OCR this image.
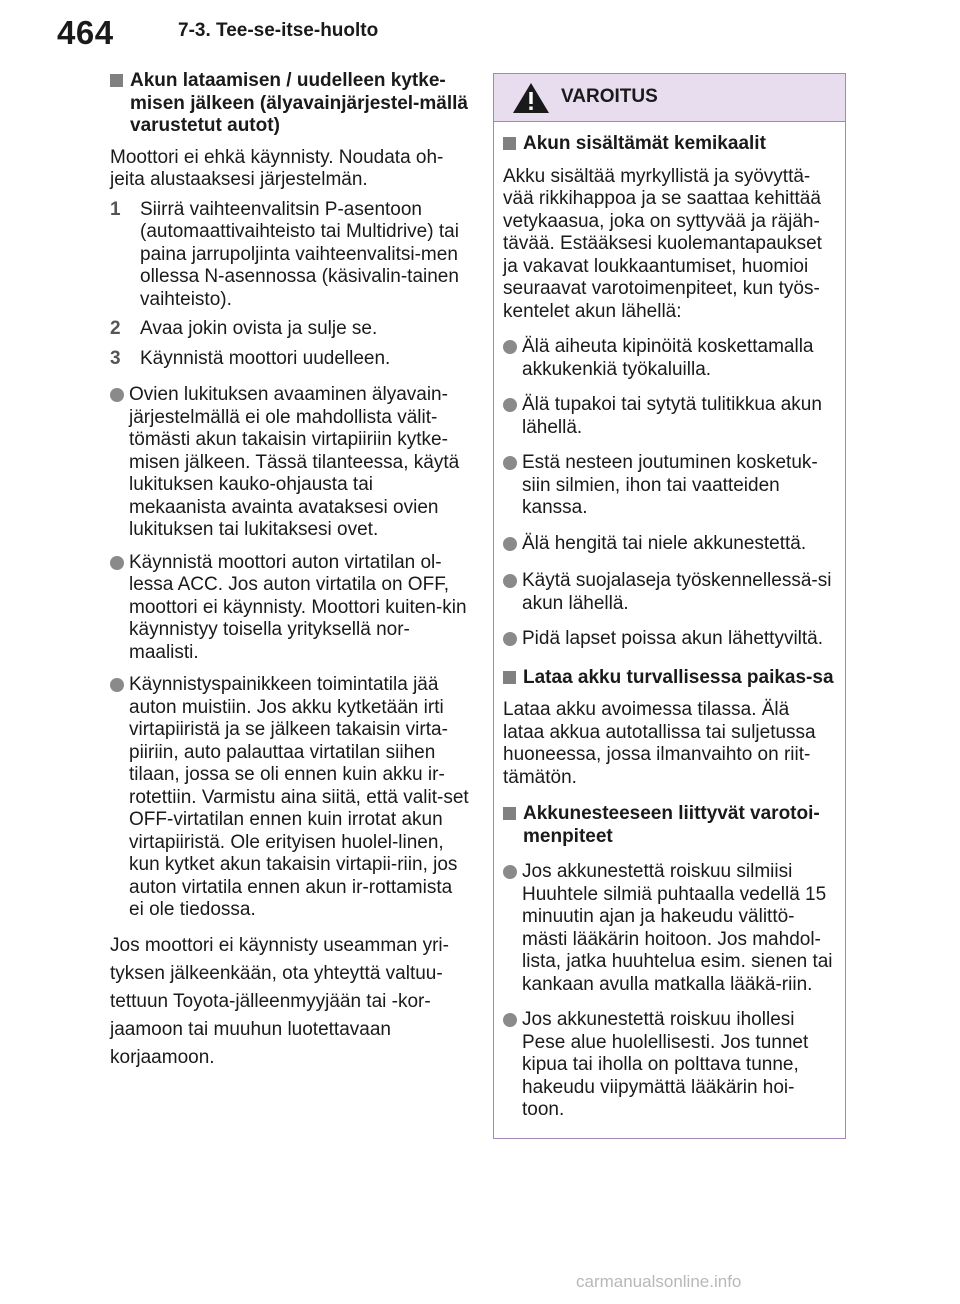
464	7-3. Tee-se-itse-huolto
Akun lataamisen / uudelleen kytke-misen jälkeen (älyavainjärjestel-mällä varustetut autot)

Moottori ei ehkä käynnisty. Noudata oh-jeita alustaaksesi järjestelmän.

1	Siirrä vaihteenvalitsin P-asentoon (automaattivaihteisto tai Multidrive) tai paina jarrupoljinta vaihteenvalitsi-men ollessa N-asennossa (käsivalin-tainen vaihteisto).
2	Avaa jokin ovista ja sulje se.
3	Käynnistä moottori uudelleen.
Ovien lukituksen avaaminen älyavain-järjestelmällä ei ole mahdollista välit-tömästi akun takaisin virtapiiriin kytke-misen jälkeen. Tässä tilanteessa, käytä lukituksen kauko-ohjausta tai mekaanista avainta avataksesi ovien lukituksen tai lukitaksesi ovet.
Käynnistä moottori auton virtatilan ol-lessa ACC. Jos auton virtatila on OFF, moottori ei käynnisty. Moottori kuiten-kin käynnistyy toisella yrityksellä nor-maalisti.
Käynnistyspainikkeen toimintatila jää auton muistiin. Jos akku kytketään irti virtapiiristä ja se jälkeen takaisin virta-piiriin, auto palauttaa virtatilan siihen tilaan, jossa se oli ennen kuin akku ir-rotettiin. Varmistu aina siitä, että valit-set OFF-virtatilan ennen kuin irrotat akun virtapiiristä. Ole erityisen huolel-linen, kun kytket akun takaisin virtapii-riin, jos auton virtatila ennen akun ir-rottamista ei ole tiedossa.

Jos moottori ei käynnisty useamman yri-tyksen jälkeenkään, ota yhteyttä valtuu-tettuun Toyota-jälleenmyyjään tai -kor-jaamoon tai muuhun luotettavaan korjaamoon.

VAROITUS
Akun sisältämät kemikaalit

Akku sisältää myrkyllistä ja syövyttä-vää rikkihappoa ja se saattaa kehittää vetykaasua, joka on syttyvää ja räjäh-tävää. Estääksesi kuolemantapaukset ja vakavat loukkaantumiset, huomioi seuraavat varotoimenpiteet, kun työs-kentelet akun lähellä:

Älä aiheuta kipinöitä koskettamalla akkukenkiä työkaluilla.
Älä tupakoi tai sytytä tulitikkua akun lähellä.
Estä nesteen joutuminen kosketuk-siin silmien, ihon tai vaatteiden kanssa.
Älä hengitä tai niele akkunestettä.
Käytä suojalaseja työskennellessä-si akun lähellä.
Pidä lapset poissa akun lähettyviltä.
Lataa akku turvallisessa paikas-sa

Lataa akku avoimessa tilassa. Älä lataa akkua autotallissa tai suljetussa huoneessa, jossa ilmanvaihto on riit-tämätön.

Akkunesteeseen liittyvät varotoi-menpiteet
Jos akkunestettä roiskuu silmiisi Huuhtele silmiä puhtaalla vedellä 15 minuutin ajan ja hakeudu välittö-mästi lääkärin hoitoon. Jos mahdol-lista, jatka huuhtelua esim. sienen tai kankaan avulla matkalla lääkä-riin.
Jos akkunestettä roiskuu ihollesi Pese alue huolellisesti. Jos tunnet kipua tai iholla on polttava tunne, hakeudu viipymättä lääkärin hoi-toon.
carmanualsonline.info
